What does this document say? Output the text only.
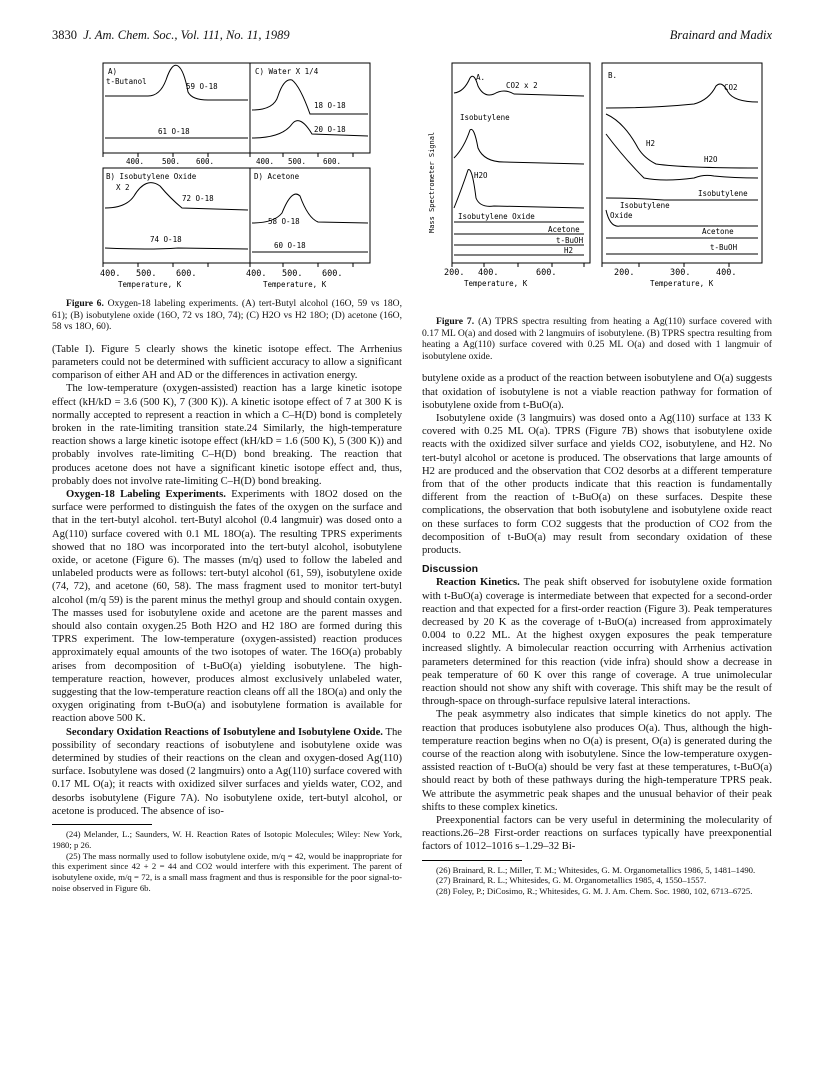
3830 J. Am. Chem. Soc., Vol. 111, No. 11, 1989	Brainard and Madix
A)
t-Butanol
59 O-18
61 O-18
C) Water X 1/4
18 O-18
20 O-18
B) Isobutylene Oxide
X 2
72 O-18
74 O-18
D) Acetone
58 O-18
60 O-18
400. 500. 600.	400. 500. 600.
400. 500. 600.	400. 500. 600.
Temperature, K	Temperature, K

Figure 6. Oxygen-18 labeling experiments. (A) tert-Butyl alcohol (16O, 59 vs 18O, 61); (B) isobutylene oxide (16O, 72 vs 18O, 74); (C) H2O vs H2 18O; (D) acetone (16O, 58 vs 18O, 60).

(Table I). Figure 5 clearly shows the kinetic isotope effect. The Arrhenius parameters could not be determined with sufficient accuracy to allow a significant comparison of either AH and AD or the differences in activation energy.

The low-temperature (oxygen-assisted) reaction has a large kinetic isotope effect (kH/kD = 3.6 (500 K), 7 (300 K)). A kinetic isotope effect of 7 at 300 K is normally accepted to represent a reaction in which a C–H(D) bond is completely broken in the rate-limiting transition state.24 Similarly, the high-temperature reaction shows a large kinetic isotope effect (kH/kD = 1.6 (500 K), 5 (300 K)) and probably involves rate-limiting C–H(D) bond breaking. The reaction that produces acetone does not have a significant kinetic isotope effect and, thus, probably does not involve rate-limiting C–H(D) bond breaking.

Oxygen-18 Labeling Experiments. Experiments with 18O2 dosed on the surface were performed to distinguish the fates of the oxygen on the surface and that in the tert-butyl alcohol. tert-Butyl alcohol (0.4 langmuir) was dosed onto a Ag(110) surface covered with 0.1 ML 18O(a). The resulting TPRS experiments showed that no 18O was incorporated into the tert-butyl alcohol, isobutylene oxide, or acetone (Figure 6). The masses (m/q) used to follow the labeled and unlabeled products were as follows: tert-butyl alcohol (61, 59), isobutylene oxide (74, 72), and acetone (60, 58). The mass fragment used to monitor tert-butyl alcohol (m/q 59) is the parent minus the methyl group and should contain oxygen. The masses used for isobutylene oxide and acetone are the parent masses and should also contain oxygen.25 Both H2O and H2 18O are formed during this TPRS experiment. The low-temperature (oxygen-assisted) reaction produces approximately equal amounts of the two isotopes of water. The 16O(a) probably arises from decomposition of t-BuO(a) yielding isobutylene. The high-temperature reaction, however, produces almost exclusively unlabeled water, suggesting that the low-temperature reaction cleans off all the 18O(a) and only the oxygen originating from t-BuO(a) and isobutylene formation is available for reaction above 500 K.

Secondary Oxidation Reactions of Isobutylene and Isobutylene Oxide. The possibility of secondary reactions of isobutylene and isobutylene oxide was determined by studies of their reactions on the clean and oxygen-dosed Ag(110) surface. Isobutylene was dosed (2 langmuirs) onto a Ag(110) surface covered with 0.17 ML O(a); it reacts with oxidized silver surfaces and yields water, CO2, and desorbs isobutylene (Figure 7A). No isobutylene oxide, tert-butyl alcohol, or acetone is produced. The absence of iso-

(24) Melander, L.; Saunders, W. H. Reaction Rates of Isotopic Molecules; Wiley: New York, 1980; p 26.

(25) The mass normally used to follow isobutylene oxide, m/q = 42, would be inappropriate for this experiment since 42 + 2 = 44 and CO2 would interfere with this experiment. The parent of isobutylene oxide, m/q = 72, is a small mass fragment and thus is responsible for the poor signal-to-noise observed in Figure 6b.

Mass Spectrometer Signal
A.
CO2 x 2
Isobutylene
H2O
Isobutylene Oxide
Acetone
t-BuOH
H2
B.
CO2
H2
H2O
Isobutylene
Isobutylene
Oxide
Acetone
t-BuOH
200. 400.	600.	200.	300.	400.
Temperature, K	Temperature, K

Figure 7. (A) TPRS spectra resulting from heating a Ag(110) surface covered with 0.17 ML O(a) and dosed with 2 langmuirs of isobutylene. (B) TPRS spectra resulting from heating a Ag(110) surface covered with 0.25 ML O(a) and dosed with 1 langmuir of isobutylene oxide.

butylene oxide as a product of the reaction between isobutylene and O(a) suggests that oxidation of isobutylene is not a viable reaction pathway for formation of isobutylene oxide from t-BuO(a).

Isobutylene oxide (3 langmuirs) was dosed onto a Ag(110) surface at 133 K covered with 0.25 ML O(a). TPRS (Figure 7B) shows that isobutylene oxide reacts with the oxidized silver surface and yields CO2, isobutylene, and H2. No tert-butyl alcohol or acetone is produced. The observations that large amounts of H2 are produced and the observation that CO2 desorbs at a different temperature from that of the other products indicate that this reaction is fundamentally different from the reaction of t-BuO(a) on these surfaces. Despite these complications, the observation that both isobutylene and isobutylene oxide react on these surfaces to form CO2 suggests that the production of CO2 from the decomposition of t-BuO(a) may result from secondary oxidation of these products.

Discussion

Reaction Kinetics. The peak shift observed for isobutylene oxide formation with t-BuO(a) coverage is intermediate between that expected for a second-order reaction and that expected for a first-order reaction (Figure 3). Peak temperatures decreased by 20 K as the coverage of t-BuO(a) increased from approximately 0.004 to 0.22 ML. At the highest oxygen exposures the peak temperature increased slightly. A bimolecular reaction occurring with Arrhenius activation parameters determined for this reaction (vide infra) should show a decrease in peak temperature of 60 K over this range of coverage. A true unimolecular reaction should not show any shift with coverage. This shift may be the result of through-space on through-surface repulsive lateral interactions.

The peak asymmetry also indicates that simple kinetics do not apply. The reaction that produces isobutylene also produces O(a). Thus, although the high-temperature reaction begins when no O(a) is present, O(a) is generated during the course of the reaction along with isobutylene. Since the low-temperature oxygen-assisted reaction of t-BuO(a) should be very fast at these temperatures, t-BuO(a) should react by both of these pathways during the high-temperature TPRS peak. We attribute the asymmetric peak shapes and the unusual behavior of their peak shifts to these complex kinetics.

Preexponential factors can be very useful in determining the molecularity of reactions.26–28 First-order reactions on surfaces typically have preexponential factors of 1012–1016 s–1.29–32 Bi-

(26) Brainard, R. L.; Miller, T. M.; Whitesides, G. M. Organometallics 1986, 5, 1481–1490.

(27) Brainard, R. L.; Whitesides, G. M. Organometallics 1985, 4, 1550–1557.

(28) Foley, P.; DiCosimo, R.; Whitesides, G. M. J. Am. Chem. Soc. 1980, 102, 6713–6725.
